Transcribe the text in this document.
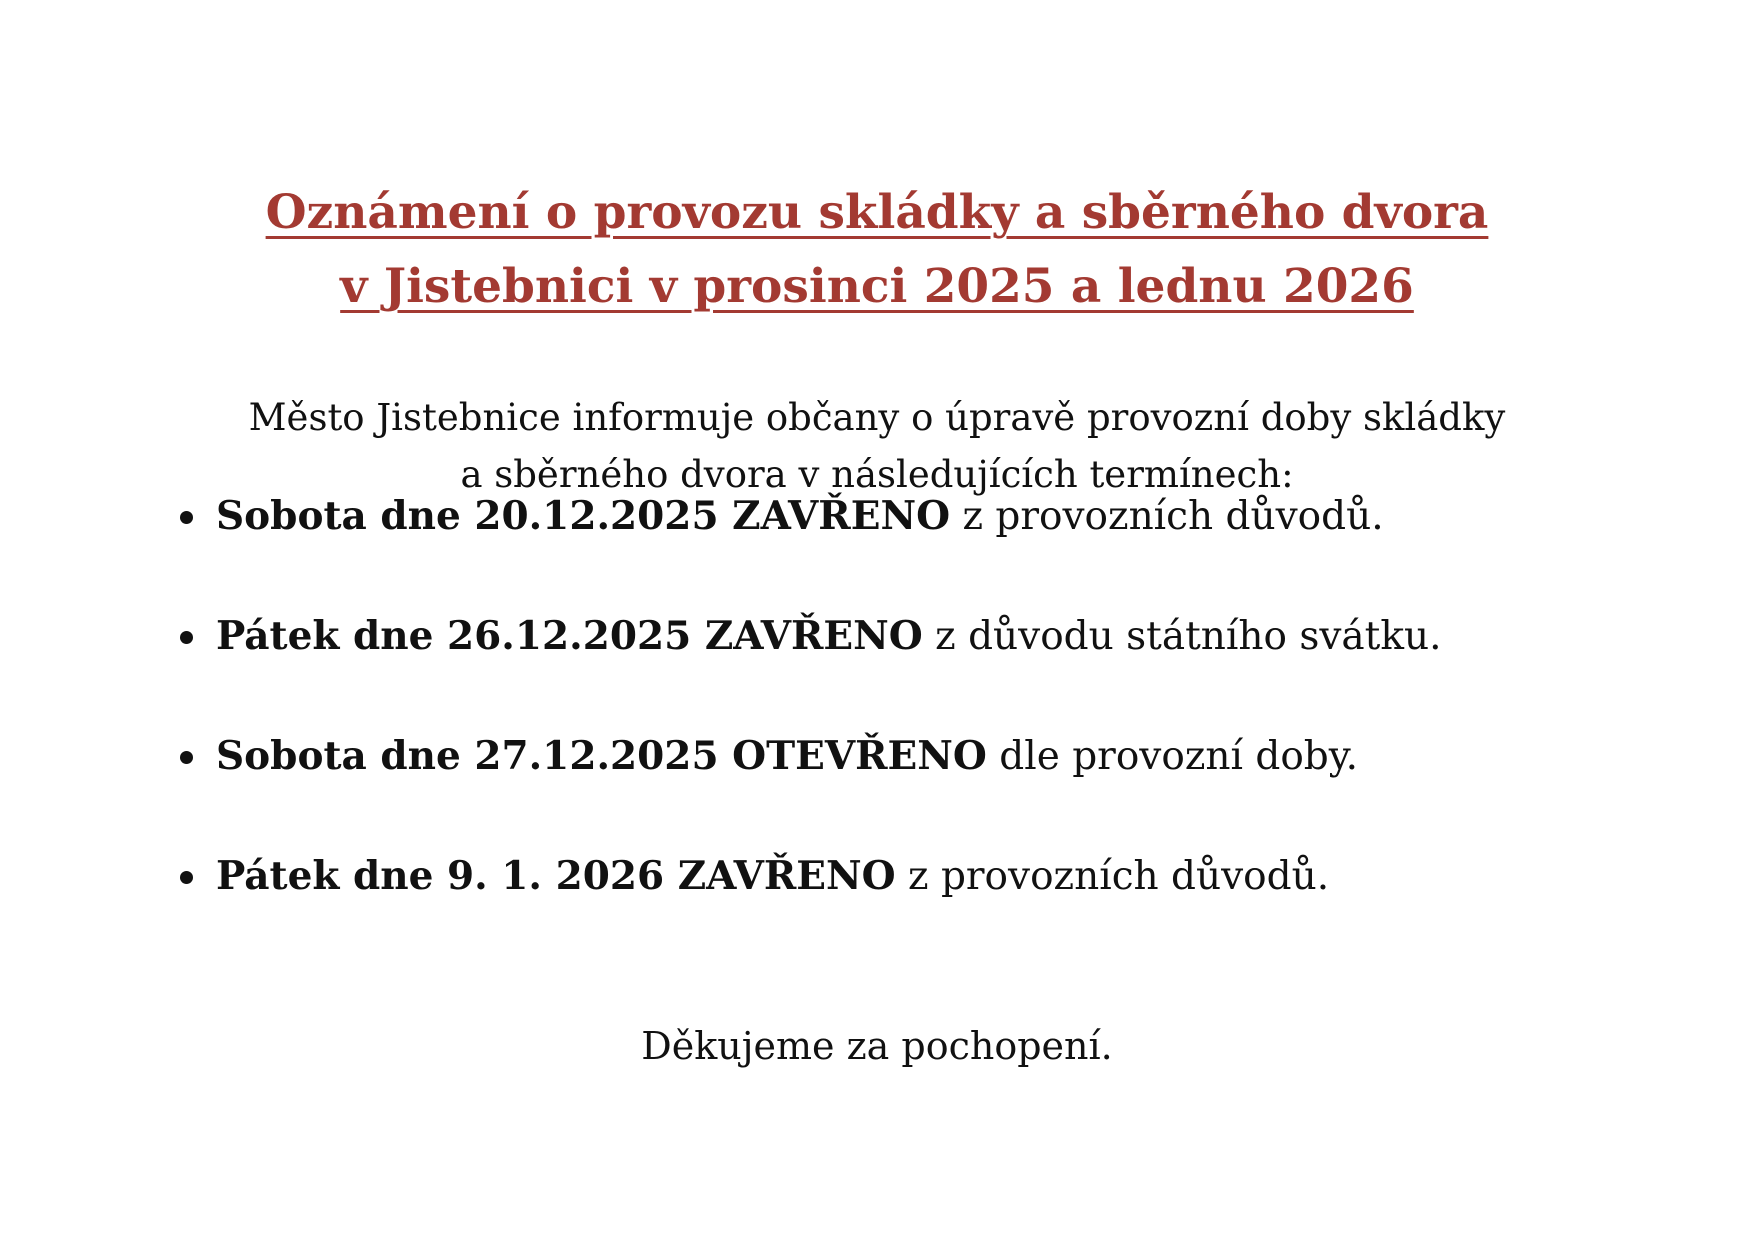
Oznámení o provozu skládky a sběrného dvora
v Jistebnici v prosinci 2025 a lednu 2026

Město Jistebnice informuje občany o úpravě provozní doby skládky
a sběrného dvora v následujících termínech:

Sobota dne 20.12.2025 ZAVŘENO z provozních důvodů.
Pátek dne 26.12.2025 ZAVŘENO z důvodu státního svátku.
Sobota dne 27.12.2025 OTEVŘENO dle provozní doby.
Pátek dne 9. 1. 2026 ZAVŘENO z provozních důvodů.

Děkujeme za pochopení.
